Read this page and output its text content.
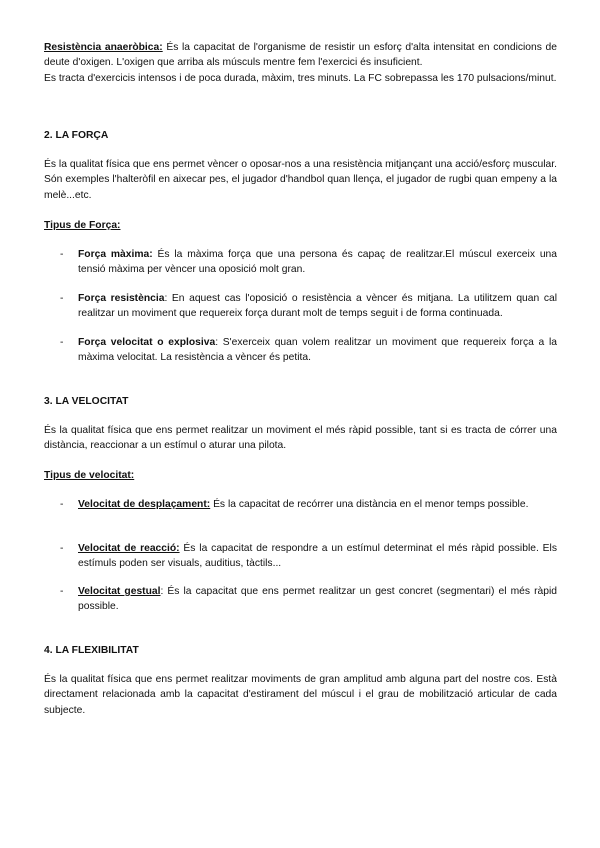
Resistència anaeròbica: És la capacitat de l'organisme de resistir un esforç d'alta intensitat en condicions de deute d'oxigen. L'oxigen que arriba als músculs mentre fem l'exercici és insuficient.
Es tracta d'exercicis intensos i de poca durada, màxim, tres minuts. La FC sobrepassa les 170 pulsacions/minut.
2. LA FORÇA
És la qualitat física que ens permet vèncer o oposar-nos a una resistència mitjançant una acció/esforç muscular. Són exemples l'halteròfil en aixecar pes, el jugador d'handbol quan llença, el jugador de rugbi quan empeny a la melè...etc.
Tipus de Força:
-	Força màxima: És la màxima força que una persona és capaç de realitzar.El múscul exerceix una tensió màxima per vèncer una oposició molt gran.
-	Força resistència: En aquest cas l'oposició o resistència a vèncer és mitjana. La utilitzem quan cal realitzar un moviment que requereix força durant molt de temps seguit i de forma continuada.
-	Força velocitat o explosiva: S'exerceix quan volem realitzar un moviment que requereix força a la màxima velocitat. La resistència a vèncer és petita.
3. LA VELOCITAT
És la qualitat física que ens permet realitzar un moviment el més ràpid possible, tant si es tracta de córrer una distància, reaccionar a un estímul o aturar una pilota.
Tipus de velocitat:
-	Velocitat de desplaçament: És la capacitat de recórrer una distància en el menor temps possible.
-	Velocitat de reacció: És la capacitat de respondre a un estímul determinat el més ràpid possible. Els estímuls poden ser visuals, auditius, tàctils...
-	Velocitat gestual: És la capacitat que ens permet realitzar un gest concret (segmentari) el més ràpid possible.
4. LA FLEXIBILITAT
És la qualitat física que ens permet realitzar moviments de gran amplitud amb alguna part del nostre cos. Està directament relacionada amb la capacitat d'estirament del múscul i el grau de mobilització articular de cada subjecte.
